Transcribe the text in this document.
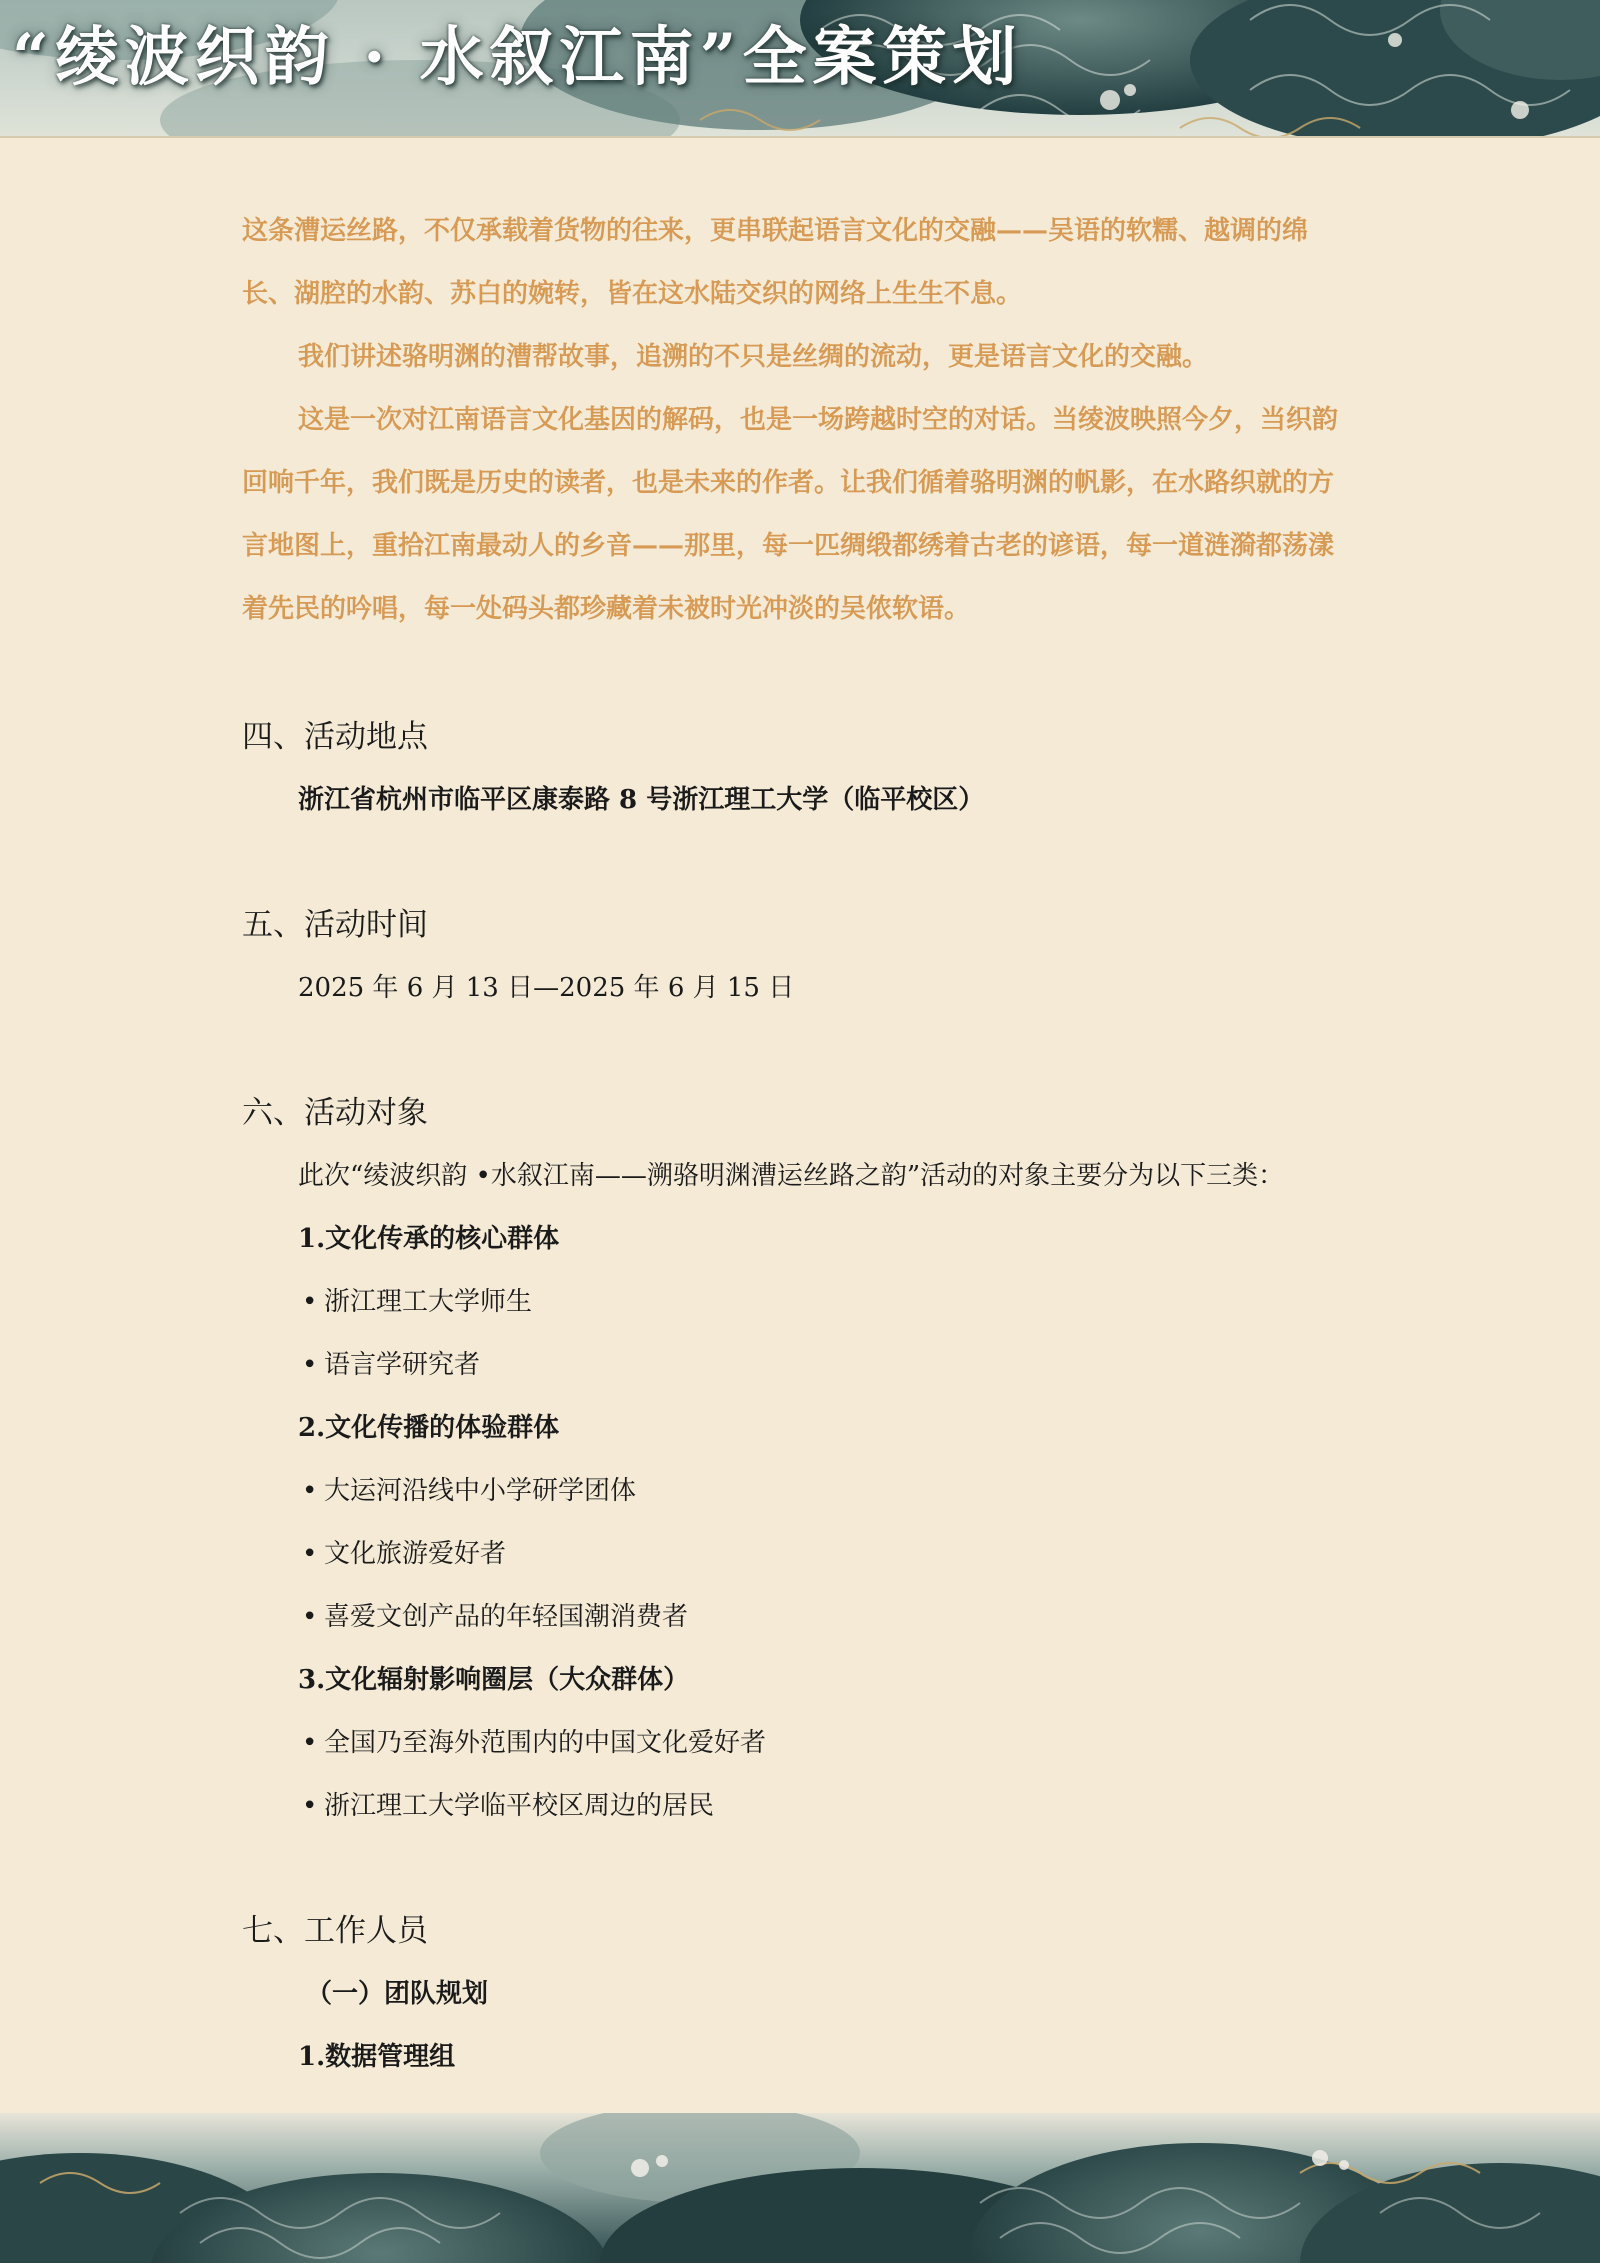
“绫波织韵 · 水叙江南”全案策划

这条漕运丝路，不仅承载着货物的往来，更串联起语言文化的交融——吴语的软糯、越调的绵长、湖腔的水韵、苏白的婉转，皆在这水陆交织的网络上生生不息。

我们讲述骆明渊的漕帮故事，追溯的不只是丝绸的流动，更是语言文化的交融。

这是一次对江南语言文化基因的解码，也是一场跨越时空的对话。当绫波映照今夕，当织韵回响千年，我们既是历史的读者，也是未来的作者。让我们循着骆明渊的帆影，在水路织就的方言地图上，重拾江南最动人的乡音——那里，每一匹绸缎都绣着古老的谚语，每一道涟漪都荡漾着先民的吟唱，每一处码头都珍藏着未被时光冲淡的吴侬软语。

四、活动地点

浙江省杭州市临平区康泰路 8 号浙江理工大学（临平校区）

五、活动时间

2025 年 6 月 13 日—2025 年 6 月 15 日

六、活动对象

此次“绫波织韵 •水叙江南——溯骆明渊漕运丝路之韵”活动的对象主要分为以下三类：

1.文化传承的核心群体

• 浙江理工大学师生

• 语言学研究者

2.文化传播的体验群体

• 大运河沿线中小学研学团体

• 文化旅游爱好者

• 喜爱文创产品的年轻国潮消费者

3.文化辐射影响圈层（大众群体）

• 全国乃至海外范围内的中国文化爱好者

• 浙江理工大学临平校区周边的居民

七、工作人员

（一）团队规划

1.数据管理组
